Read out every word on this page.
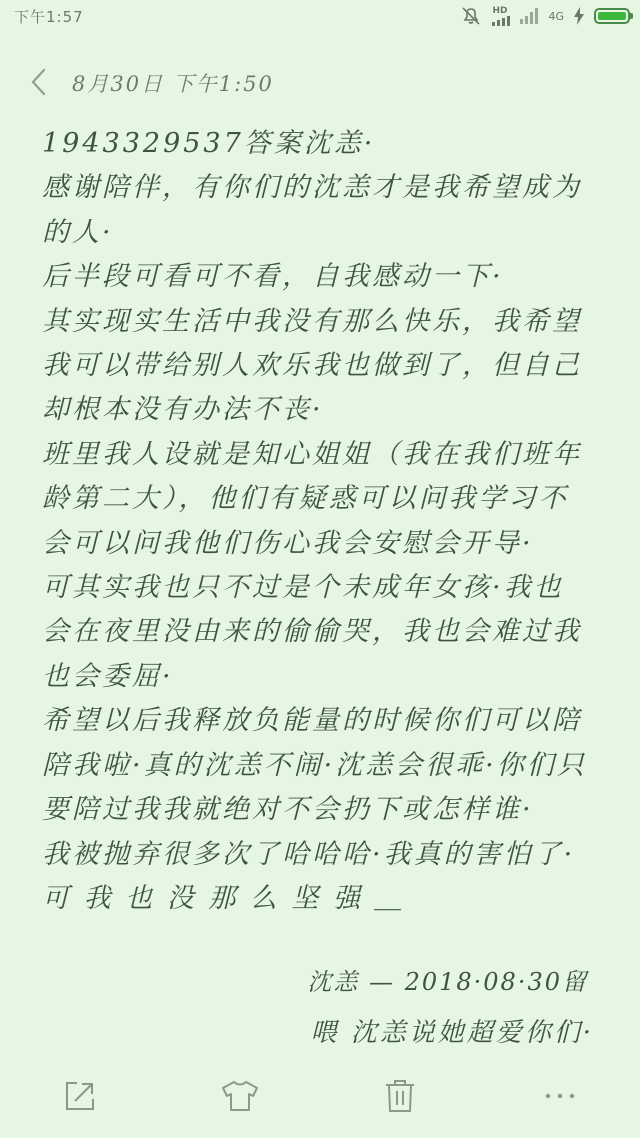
下午1:57	HD	4G
8月30日 下午1:50
1943329537答案沈恙·
感谢陪伴，有你们的沈恙才是我希望成为
的人·
后半段可看可不看，自我感动一下·
其实现实生活中我没有那么快乐，我希望
我可以带给别人欢乐我也做到了，但自己
却根本没有办法不丧·
班里我人设就是知心姐姐（我在我们班年
龄第二大），他们有疑惑可以问我学习不
会可以问我他们伤心我会安慰会开导·
可其实我也只不过是个未成年女孩·我也
会在夜里没由来的偷偷哭，我也会难过我
也会委屈·
希望以后我释放负能量的时候你们可以陪
陪我啦·真的沈恙不闹·沈恙会很乖·你们只
要陪过我我就绝对不会扔下或怎样谁·
我被抛弃很多次了哈哈哈·我真的害怕了·
可 我 也 没 那 么 坚 强 ＿
沈恙 — 2018·08·30留
喂 沈恙说她超爱你们·
